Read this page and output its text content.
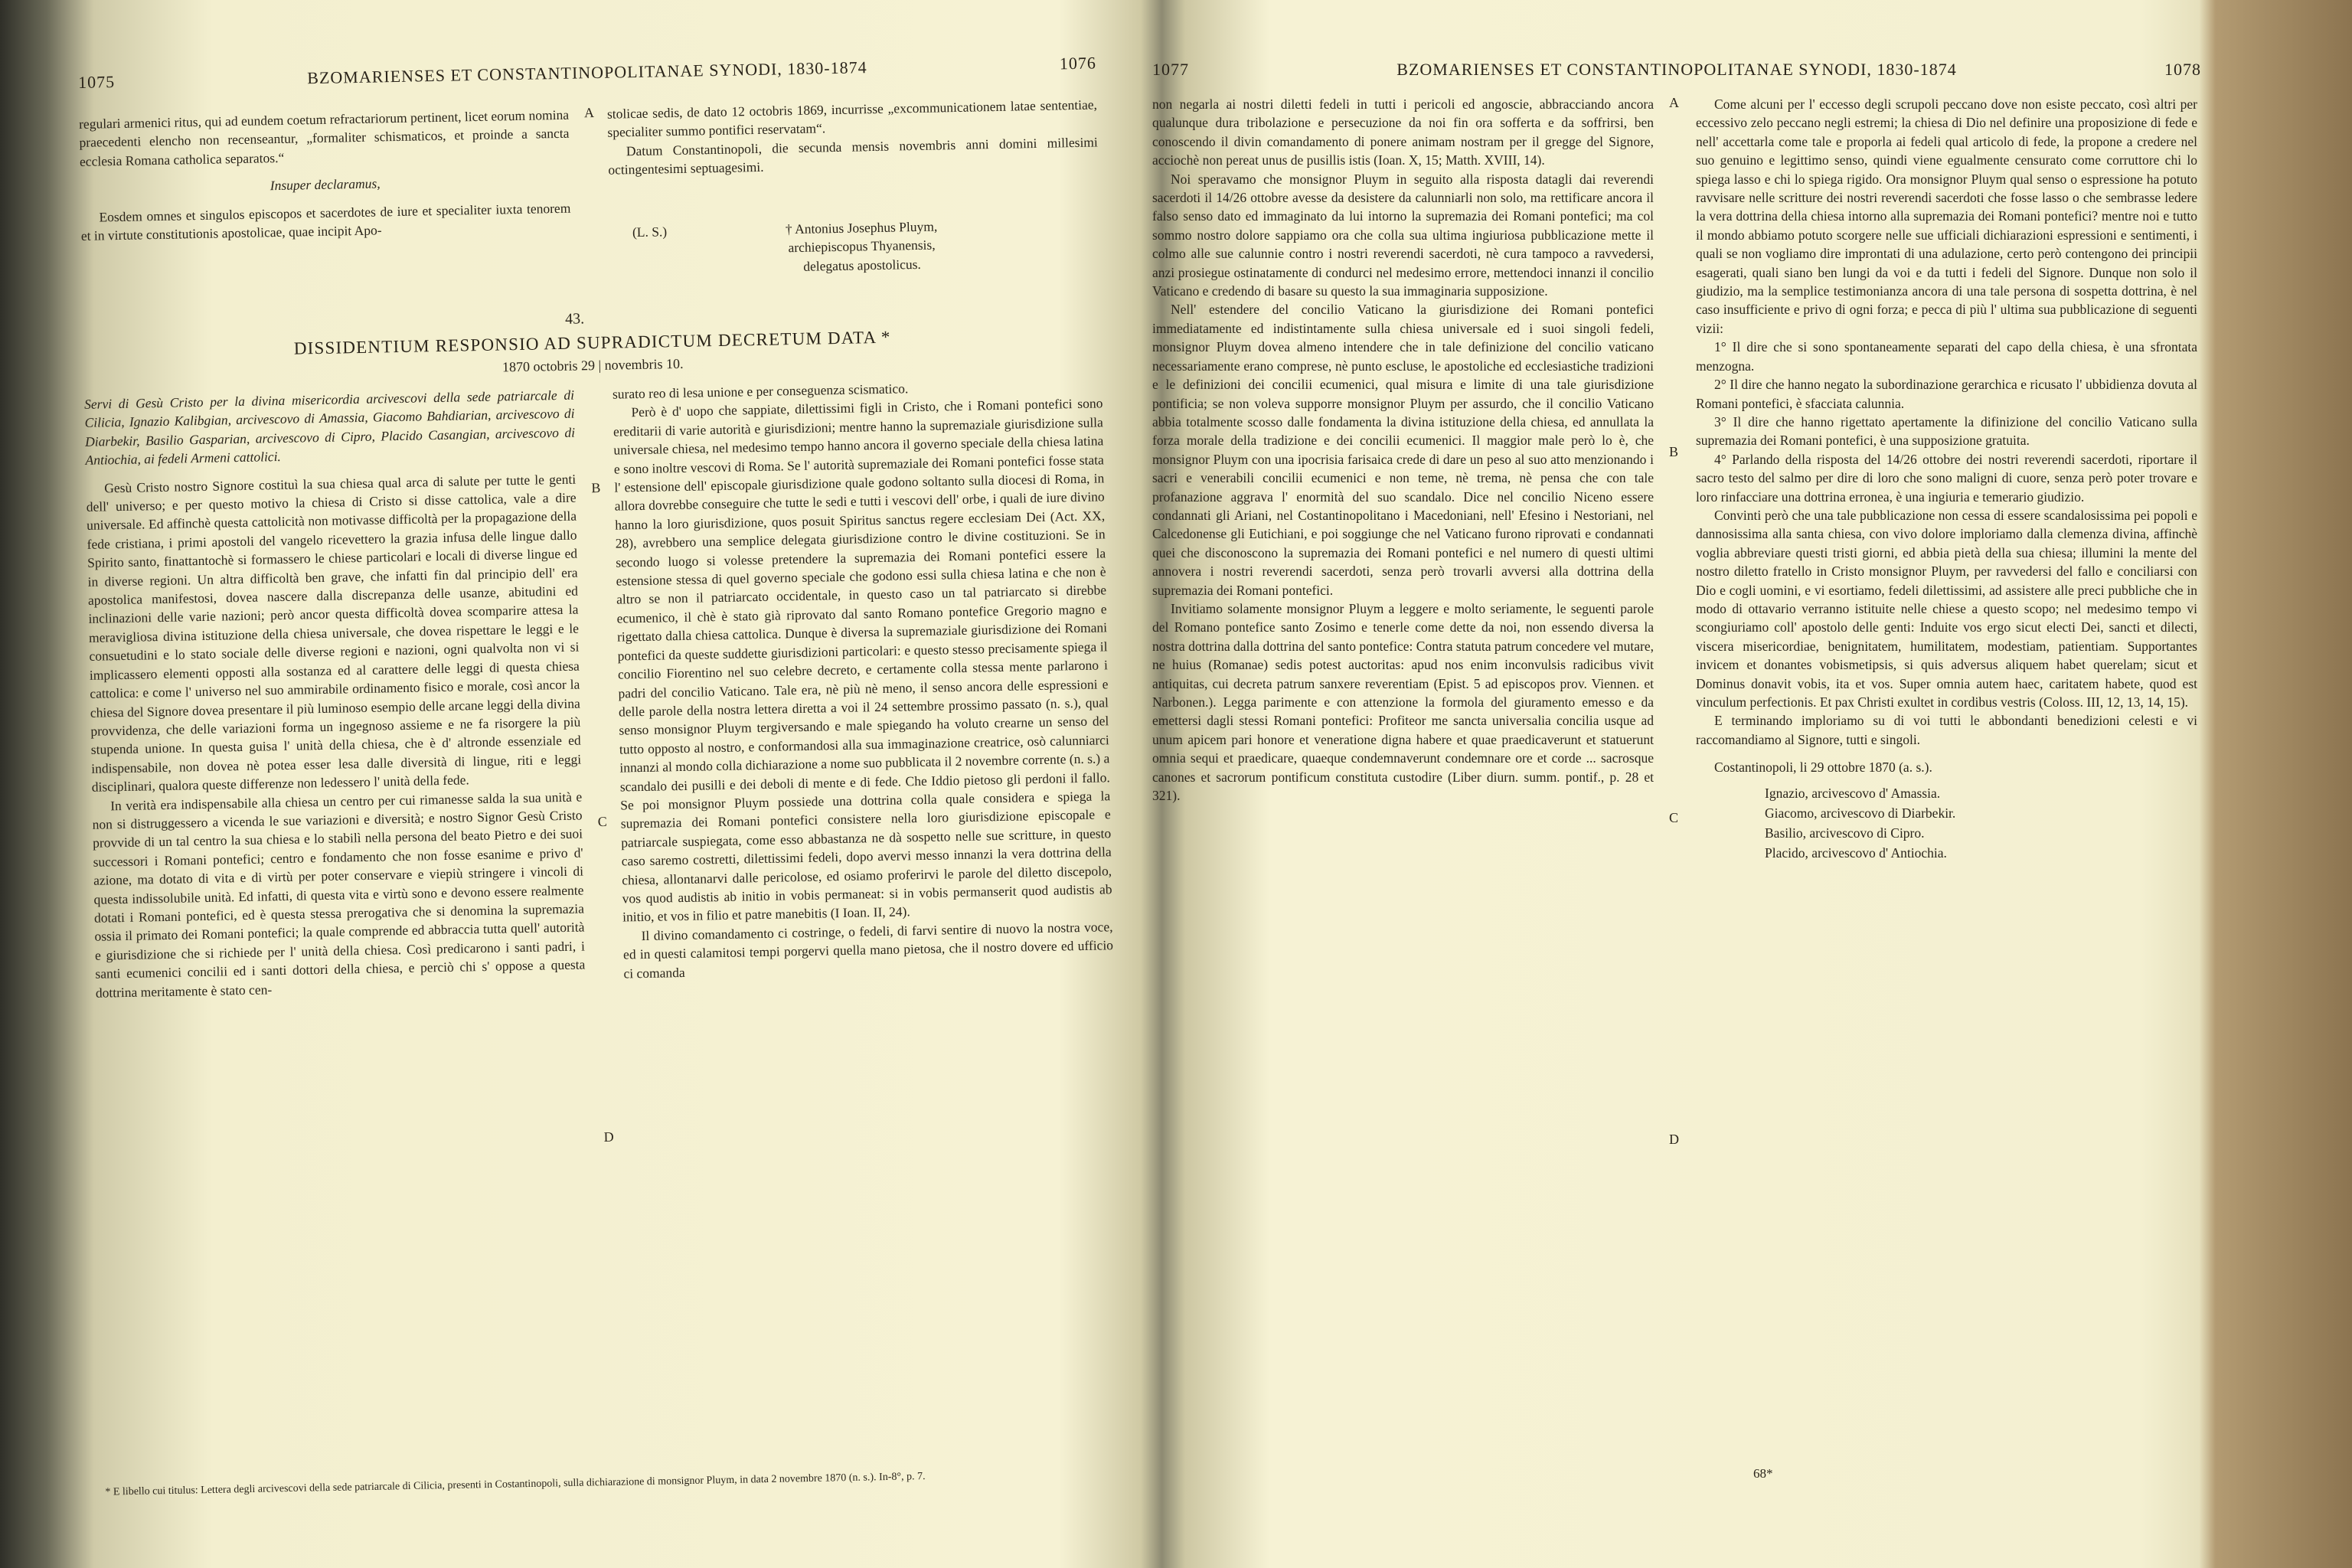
1075	BZOMARIENSES ET CONSTANTINOPOLITANAE SYNODI, 1830-1874	1076

regulari armenici ritus, qui ad eundem coetum refractariorum pertinent, licet eorum nomina praecedenti elencho non recenseantur, „formaliter schismaticos, et proinde a sancta ecclesia Romana catholica separatos.“

Insuper declaramus,

Eosdem omnes et singulos episcopos et sacerdotes de iure et specialiter iuxta tenorem et in virtute constitutionis apostolicae, quae incipit Apo-

stolicae sedis, de dato 12 octobris 1869, incurrisse „excommunicationem latae sententiae, specialiter summo pontifici reservatam“.

Datum Constantinopoli, die secunda mensis novembris anni domini millesimi octingentesimi septuagesimi.

(L. S.)	† Antonius Josephus Pluym,
archiepiscopus Thyanensis,
delegatus apostolicus.
43.
DISSIDENTIUM RESPONSIO AD SUPRADICTUM DECRETUM DATA *
1870 octobris 29 | novembris 10.

Servi di Gesù Cristo per la divina misericordia arcivescovi della sede patriarcale di Cilicia, Ignazio Kalibgian, arcivescovo di Amassia, Giacomo Bahdiarian, arcivescovo di Diarbekir, Basilio Gasparian, arcivescovo di Cipro, Placido Casangian, arcivescovo di Antiochia, ai fedeli Armeni cattolici.

Gesù Cristo nostro Signore costituì la sua chiesa qual arca di salute per tutte le genti dell' universo; e per questo motivo la chiesa di Cristo si disse cattolica, vale a dire universale. Ed affinchè questa cattolicità non motivasse difficoltà per la propagazione della fede cristiana, i primi apostoli del vangelo ricevettero la grazia infusa delle lingue dallo Spirito santo, finattantochè si formassero le chiese particolari e locali di diverse lingue ed in diverse regioni. Un altra difficoltà ben grave, che infatti fin dal principio dell' era apostolica manifestosi, dovea nascere dalla discrepanza delle usanze, abitudini ed inclinazioni delle varie nazioni; però ancor questa difficoltà dovea scomparire attesa la meravigliosa divina istituzione della chiesa universale, che dovea rispettare le leggi e le consuetudini e lo stato sociale delle diverse regioni e nazioni, ogni qualvolta non vi si implicassero elementi opposti alla sostanza ed al carattere delle leggi di questa chiesa cattolica: e come l' universo nel suo ammirabile ordinamento fisico e morale, così ancor la chiesa del Signore dovea presentare il più luminoso esempio delle arcane leggi della divina provvidenza, che delle variazioni forma un ingegnoso assieme e ne fa risorgere la più stupenda unione. In questa guisa l' unità della chiesa, che è d' altronde essenziale ed indispensabile, non dovea nè potea esser lesa dalle diversità di lingue, riti e leggi disciplinari, qualora queste differenze non ledessero l' unità della fede.

In verità era indispensabile alla chiesa un centro per cui rimanesse salda la sua unità e non si distruggessero a vicenda le sue variazioni e diversità; e nostro Signor Gesù Cristo provvide di un tal centro la sua chiesa e lo stabilì nella persona del beato Pietro e dei suoi successori i Romani pontefici; centro e fondamento che non fosse esanime e privo d' azione, ma dotato di vita e di virtù per poter conservare e viepiù stringere i vincoli di questa indissolubile unità. Ed infatti, di questa vita e virtù sono e devono essere realmente dotati i Romani pontefici, ed è questa stessa prerogativa che si denomina la supremazia ossia il primato dei Romani pontefici; la quale comprende ed abbraccia tutta quell' autorità e giurisdizione che si richiede per l' unità della chiesa. Così predicarono i santi padri, i santi ecumenici concilii ed i santi dottori della chiesa, e perciò chi s' oppose a questa dottrina meritamente è stato cen-

surato reo di lesa unione e per conseguenza scismatico.

Però è d' uopo che sappiate, dilettissimi figli in Cristo, che i Romani pontefici sono ereditarii di varie autorità e giurisdizioni; mentre hanno la supremaziale giurisdizione sulla universale chiesa, nel medesimo tempo hanno ancora il governo speciale della chiesa latina e sono inoltre vescovi di Roma. Se l' autorità supremaziale dei Romani pontefici fosse stata l' estensione dell' episcopale giurisdizione quale godono soltanto sulla diocesi di Roma, in allora dovrebbe conseguire che tutte le sedi e tutti i vescovi dell' orbe, i quali de iure divino hanno la loro giurisdizione, quos posuit Spiritus sanctus regere ecclesiam Dei (Act. XX, 28), avrebbero una semplice delegata giurisdizione contro le divine costituzioni. Se in secondo luogo si volesse pretendere la supremazia dei Romani pontefici essere la estensione stessa di quel governo speciale che godono essi sulla chiesa latina e che non è altro se non il patriarcato occidentale, in questo caso un tal patriarcato si direbbe ecumenico, il chè è stato già riprovato dal santo Romano pontefice Gregorio magno e rigettato dalla chiesa cattolica. Dunque è diversa la supremaziale giurisdizione dei Romani pontefici da queste suddette giurisdizioni particolari: e questo stesso precisamente spiega il concilio Fiorentino nel suo celebre decreto, e certamente colla stessa mente parlarono i padri del concilio Vaticano. Tale era, nè più nè meno, il senso ancora delle espressioni e delle parole della nostra lettera diretta a voi il 24 settembre prossimo passato (n. s.), qual senso monsignor Pluym tergiversando e male spiegando ha voluto crearne un senso del tutto opposto al nostro, e conformandosi alla sua immaginazione creatrice, osò calunniarci innanzi al mondo colla dichiarazione a nome suo pubblicata il 2 novembre corrente (n. s.) a scandalo dei pusilli e dei deboli di mente e di fede. Che Iddio pietoso gli perdoni il fallo. Se poi monsignor Pluym possiede una dottrina colla quale considera e spiega la supremazia dei Romani pontefici consistere nella loro giurisdizione episcopale e patriarcale suspiegata, come esso abbastanza ne dà sospetto nelle sue scritture, in questo caso saremo costretti, dilettissimi fedeli, dopo avervi messo innanzi la vera dottrina della chiesa, allontanarvi dalle pericolose, ed osiamo proferirvi le parole del diletto discepolo, vos quod audistis ab initio in vobis permaneat: si in vobis permanserit quod audistis ab initio, et vos in filio et patre manebitis (I Ioan. II, 24).

Il divino comandamento ci costringe, o fedeli, di farvi sentire di nuovo la nostra voce, ed in questi calamitosi tempi porgervi quella mano pietosa, che il nostro dovere ed ufficio ci comanda

A
B
C
D
* E libello cui titulus: Lettera degli arcivescovi della sede patriarcale di Cilicia, presenti in Costantinopoli, sulla dichiarazione di monsignor Pluym, in data 2 novembre 1870 (n. s.). In-8°, p. 7.
1077	BZOMARIENSES ET CONSTANTINOPOLITANAE SYNODI, 1830-1874	1078

non negarla ai nostri diletti fedeli in tutti i pericoli ed angoscie, abbracciando ancora qualunque dura tribolazione e persecuzione da noi fin ora sofferta e da soffrirsi, ben conoscendo il divin comandamento di ponere animam nostram per il gregge del Signore, acciochè non pereat unus de pusillis istis (Ioan. X, 15; Matth. XVIII, 14).

Noi speravamo che monsignor Pluym in seguito alla risposta datagli dai reverendi sacerdoti il 14/26 ottobre avesse da desistere da calunniarli non solo, ma rettificare ancora il falso senso dato ed immaginato da lui intorno la supremazia dei Romani pontefici; ma col sommo nostro dolore sappiamo ora che colla sua ultima ingiuriosa pubblicazione mette il colmo alle sue calunnie contro i nostri reverendi sacerdoti, nè cura tampoco a ravvedersi, anzi prosiegue ostinatamente di condurci nel medesimo errore, mettendoci innanzi il concilio Vaticano e credendo di basare su questo la sua immaginaria supposizione.

Nell' estendere del concilio Vaticano la giurisdizione dei Romani pontefici immediatamente ed indistintamente sulla chiesa universale ed i suoi singoli fedeli, monsignor Pluym dovea almeno intendere che in tale definizione del concilio vaticano necessariamente erano comprese, nè punto escluse, le apostoliche ed ecclesiastiche tradizioni e le definizioni dei concilii ecumenici, qual misura e limite di una tale giurisdizione pontificia; se non voleva supporre monsignor Pluym per assurdo, che il concilio Vaticano abbia totalmente scosso dalle fondamenta la divina istituzione della chiesa, ed annullata la forza morale della tradizione e dei concilii ecumenici. Il maggior male però lo è, che monsignor Pluym con una ipocrisia farisaica crede di dare un peso al suo atto menzionando i sacri e venerabili concilii ecumenici e non teme, nè trema, nè pensa che con tale profanazione aggrava l' enormità del suo scandalo. Dice nel concilio Niceno essere condannati gli Ariani, nel Costantinopolitano i Macedoniani, nell' Efesino i Nestoriani, nel Calcedonense gli Eutichiani, e poi soggiunge che nel Vaticano furono riprovati e condannati quei che disconoscono la supremazia dei Romani pontefici e nel numero di questi ultimi annovera i nostri reverendi sacerdoti, senza però trovarli avversi alla dottrina della supremazia dei Romani pontefici.

Invitiamo solamente monsignor Pluym a leggere e molto seriamente, le seguenti parole del Romano pontefice santo Zosimo e tenerle come dette da noi, non essendo diversa la nostra dottrina dalla dottrina del santo pontefice: Contra statuta patrum concedere vel mutare, ne huius (Romanae) sedis potest auctoritas: apud nos enim inconvulsis radicibus vivit antiquitas, cui decreta patrum sanxere reverentiam (Epist. 5 ad episcopos prov. Viennen. et Narbonen.). Legga parimente e con attenzione la formola del giuramento emesso e da emettersi dagli stessi Romani pontefici: Profiteor me sancta universalia concilia usque ad unum apicem pari honore et veneratione digna habere et quae praedicaverunt et statuerunt omnia sequi et praedicare, quaeque condemnaverunt condemnare ore et corde ... sacrosque canones et sacrorum pontificum constituta custodire (Liber diurn. summ. pontif., p. 28 et 321).

Come alcuni per l' eccesso degli scrupoli peccano dove non esiste peccato, così altri per eccessivo zelo peccano negli estremi; la chiesa di Dio nel definire una proposizione di fede e nell' accettarla come tale e proporla ai fedeli qual articolo di fede, la propone a credere nel suo genuino e legittimo senso, quindi viene egualmente censurato come corruttore chi lo spiega lasso e chi lo spiega rigido. Ora monsignor Pluym qual senso o espressione ha potuto ravvisare nelle scritture dei nostri reverendi sacerdoti che fosse lasso o che sembrasse ledere la vera dottrina della chiesa intorno alla supremazia dei Romani pontefici? mentre noi e tutto il mondo abbiamo potuto scorgere nelle sue ufficiali dichiarazioni espressioni e sentimenti, i quali se non vogliamo dire improntati di una adulazione, certo però contengono dei principii esagerati, quali siano ben lungi da voi e da tutti i fedeli del Signore. Dunque non solo il giudizio, ma la semplice testimonianza ancora di una tale persona di sospetta dottrina, è nel caso insufficiente e privo di ogni forza; e pecca di più l' ultima sua pubblicazione di seguenti vizii:

1° Il dire che si sono spontaneamente separati del capo della chiesa, è una sfrontata menzogna.

2° Il dire che hanno negato la subordinazione gerarchica e ricusato l' ubbidienza dovuta al Romani pontefici, è sfacciata calunnia.

3° Il dire che hanno rigettato apertamente la difinizione del concilio Vaticano sulla supremazia dei Romani pontefici, è una supposizione gratuita.

4° Parlando della risposta del 14/26 ottobre dei nostri reverendi sacerdoti, riportare il sacro testo del salmo per dire di loro che sono maligni di cuore, senza però poter trovare e loro rinfacciare una dottrina erronea, è una ingiuria e temerario giudizio.

Convinti però che una tale pubblicazione non cessa di essere scandalosissima pei popoli e dannosissima alla santa chiesa, con vivo dolore imploriamo dalla clemenza divina, affinchè voglia abbreviare questi tristi giorni, ed abbia pietà della sua chiesa; illumini la mente del nostro diletto fratello in Cristo monsignor Pluym, per ravvedersi del fallo e conciliarsi con Dio e cogli uomini, e vi esortiamo, fedeli dilettissimi, ad assistere alle preci pubbliche che in modo di ottavario verranno istituite nelle chiese a questo scopo; nel medesimo tempo vi scongiuriamo coll' apostolo delle genti: Induite vos ergo sicut electi Dei, sancti et dilecti, viscera misericordiae, benignitatem, humilitatem, modestiam, patientiam. Supportantes invicem et donantes vobismetipsis, si quis adversus aliquem habet querelam; sicut et Dominus donavit vobis, ita et vos. Super omnia autem haec, caritatem habete, quod est vinculum perfectionis. Et pax Christi exultet in cordibus vestris (Coloss. III, 12, 13, 14, 15).

E terminando imploriamo su di voi tutti le abbondanti benedizioni celesti e vi raccomandiamo al Signore, tutti e singoli.

Costantinopoli, li 29 ottobre 1870 (a. s.).

Ignazio, arcivescovo d' Amassia.
Giacomo, arcivescovo di Diarbekir.
Basilio, arcivescovo di Cipro.
Placido, arcivescovo d' Antiochia.
A
B
C
D
68*
